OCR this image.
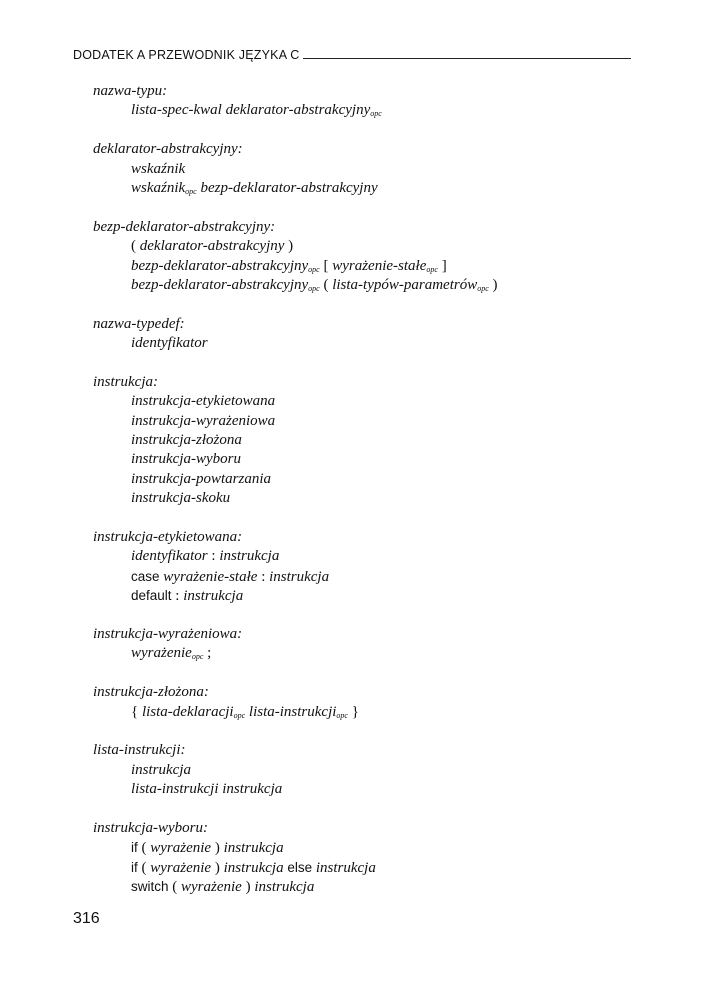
DODATEK A PRZEWODNIK JĘZYKA C
nazwa-typu:
lista-spec-kwal deklarator-abstrakcyjny$_{opc}$
deklarator-abstrakcyjny:
wskaźnik
wskaźnik$_{opc}$ bezp-deklarator-abstrakcyjny
bezp-deklarator-abstrakcyjny:
( deklarator-abstrakcyjny )
bezp-deklarator-abstrakcyjny$_{opc}$ [ wyrażenie-stałe$_{opc}$ ]
bezp-deklarator-abstrakcyjny$_{opc}$ ( lista-typów-parametrów$_{opc}$ )
nazwa-typedef:
identyfikator
instrukcja:
instrukcja-etykietowana
instrukcja-wyrażeniowa
instrukcja-złożona
instrukcja-wyboru
instrukcja-powtarzania
instrukcja-skoku
instrukcja-etykietowana:
identyfikator : instrukcja
case wyrażenie-stałe : instrukcja
default : instrukcja
instrukcja-wyrażeniowa:
wyrażenie$_{opc}$ ;
instrukcja-złożona:
{ lista-deklaracji$_{opc}$ lista-instrukcji$_{opc}$ }
lista-instrukcji:
instrukcja
lista-instrukcji instrukcja
instrukcja-wyboru:
if ( wyrażenie ) instrukcja
if ( wyrażenie ) instrukcja else instrukcja
switch ( wyrażenie ) instrukcja
316
